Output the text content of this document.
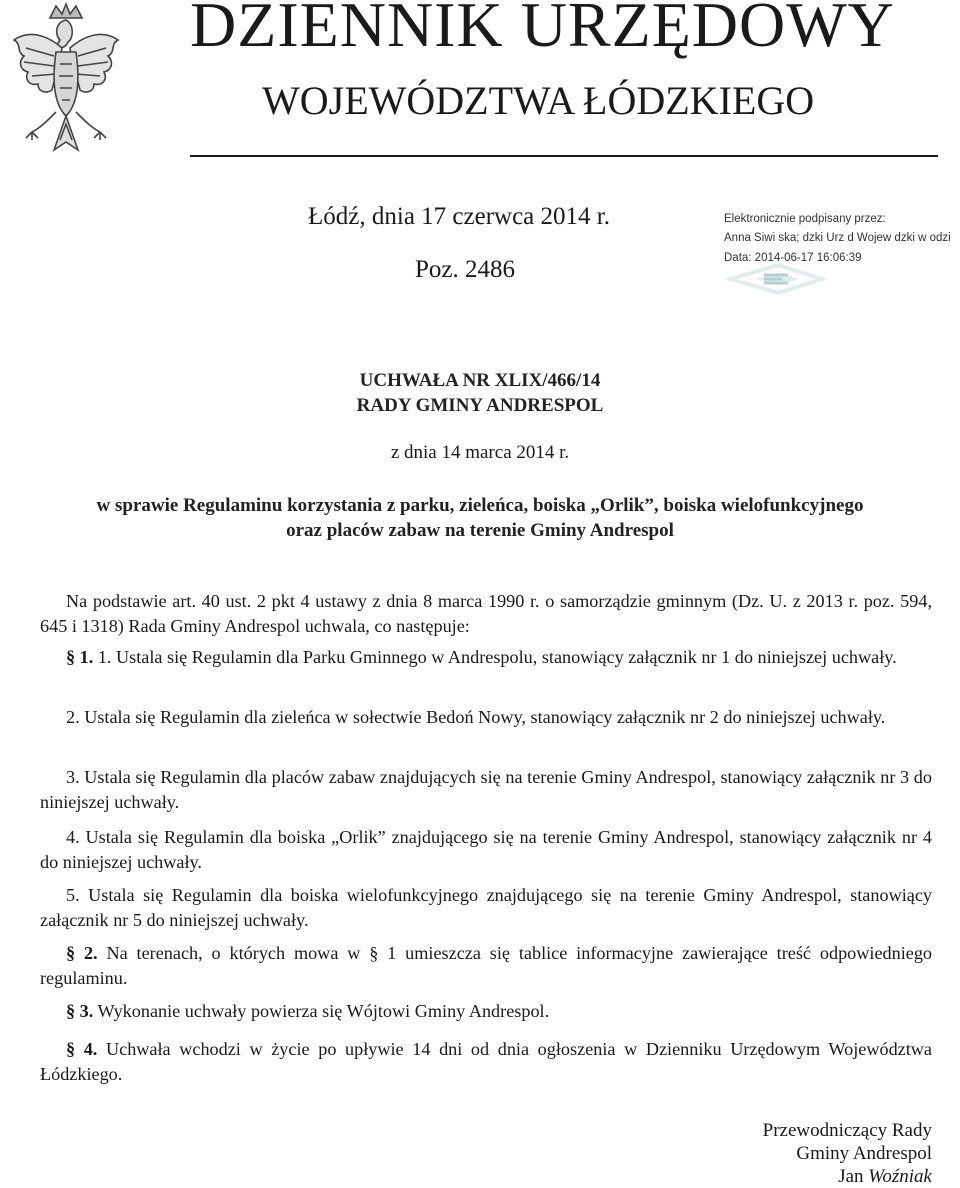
DZIENNIK URZĘDOWY
WOJEWÓDZTWA ŁÓDZKIEGO
Łódź, dnia 17 czerwca 2014 r.
Poz. 2486
Elektronicznie podpisany przez:
Anna Siwi ska; dzki Urz d Wojew dzki w odzi
Data: 2014-06-17 16:06:39
UCHWAŁA NR XLIX/466/14
RADY GMINY ANDRESPOL
z dnia 14 marca 2014 r.
w sprawie Regulaminu korzystania z parku, zieleńca, boiska „Orlik”, boiska wielofunkcyjnego
oraz placów zabaw na terenie Gminy Andrespol
Na podstawie art. 40 ust. 2 pkt 4 ustawy z dnia 8 marca 1990 r. o samorządzie gminnym (Dz. U. z 2013 r. poz. 594, 645 i 1318) Rada Gminy Andrespol uchwala, co następuje:
§ 1. 1. Ustala się Regulamin dla Parku Gminnego w Andrespolu, stanowiący załącznik nr 1 do niniejszej uchwały.
2. Ustala się Regulamin dla zieleńca w sołectwie Bedoń Nowy, stanowiący załącznik nr 2 do niniejszej uchwały.
3. Ustala się Regulamin dla placów zabaw znajdujących się na terenie Gminy Andrespol, stanowiący załącznik nr 3 do niniejszej uchwały.
4. Ustala się Regulamin dla boiska „Orlik” znajdującego się na terenie Gminy Andrespol, stanowiący załącznik nr 4 do niniejszej uchwały.
5. Ustala się Regulamin dla boiska wielofunkcyjnego znajdującego się na terenie Gminy Andrespol, stanowiący załącznik nr 5 do niniejszej uchwały.
§ 2. Na terenach, o których mowa w § 1 umieszcza się tablice informacyjne zawierające treść odpowiedniego regulaminu.
§ 3. Wykonanie uchwały powierza się Wójtowi Gminy Andrespol.
§ 4. Uchwała wchodzi w życie po upływie 14 dni od dnia ogłoszenia w Dzienniku Urzędowym Województwa Łódzkiego.
Przewodniczący Rady
Gminy Andrespol
Jan Woźniak
